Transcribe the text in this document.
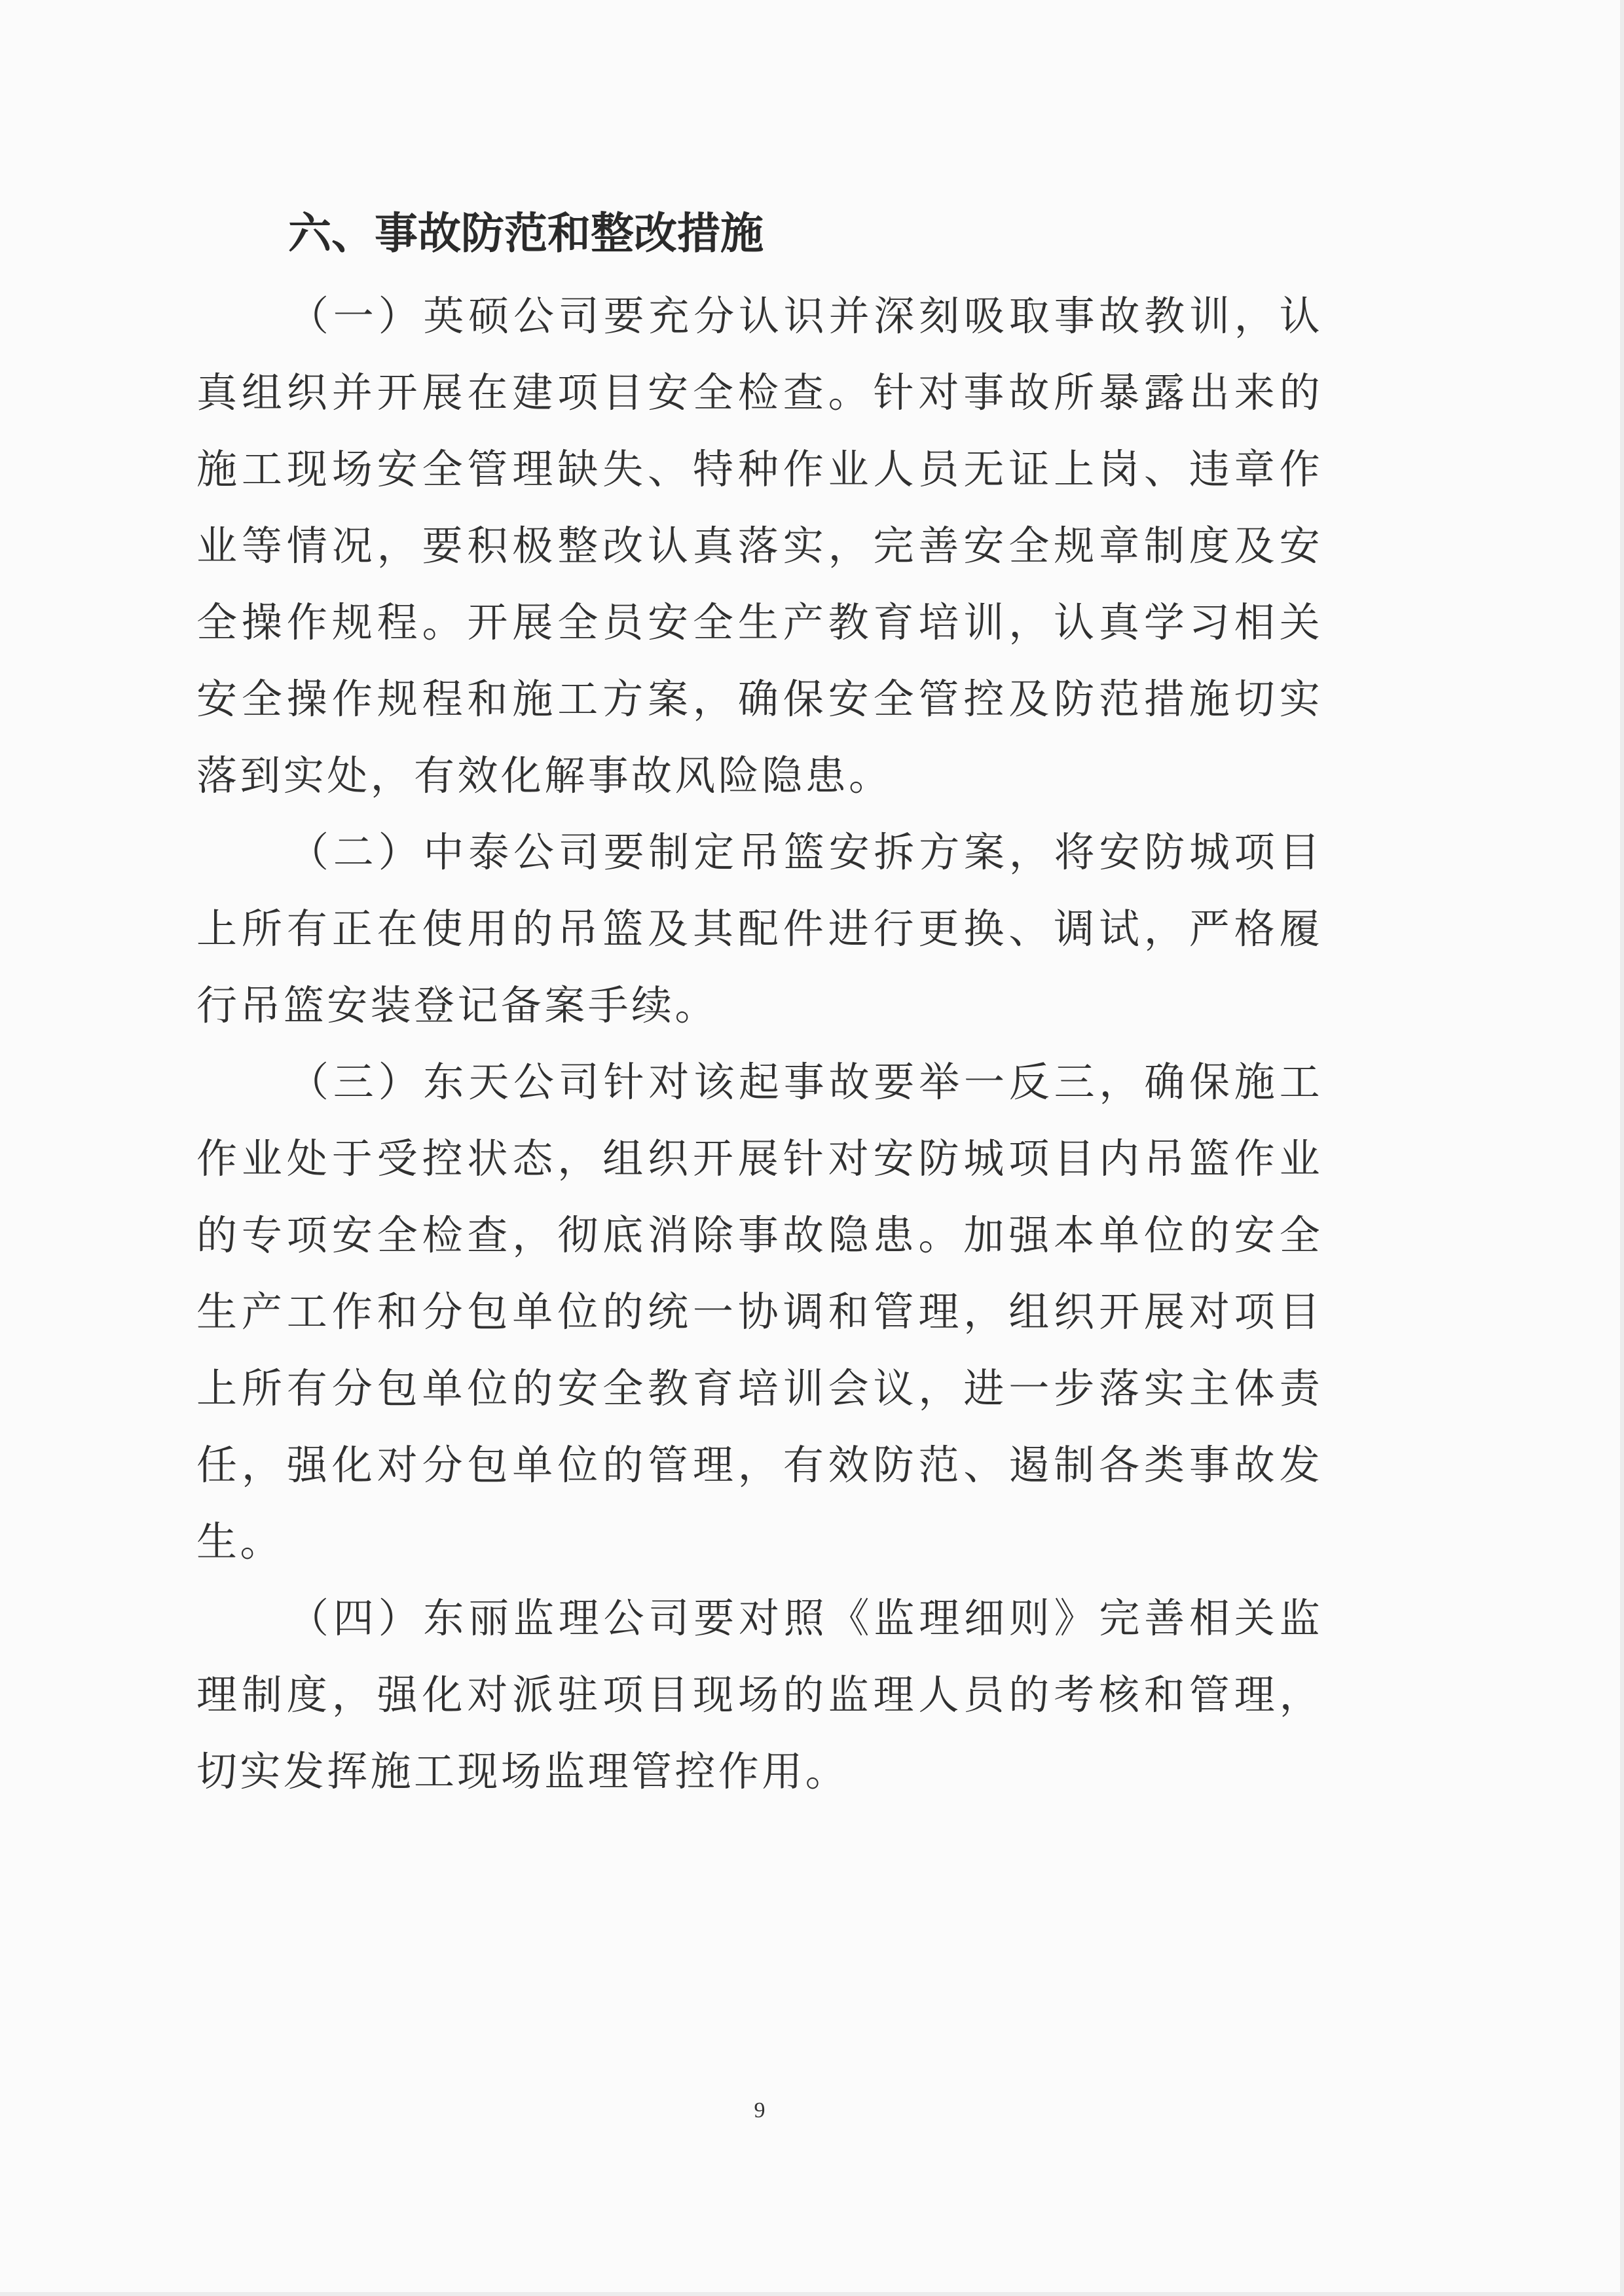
六、事故防范和整改措施

（一）英硕公司要充分认识并深刻吸取事故教训，认真组织并开展在建项目安全检查。针对事故所暴露出来的施工现场安全管理缺失、特种作业人员无证上岗、违章作业等情况，要积极整改认真落实，完善安全规章制度及安全操作规程。开展全员安全生产教育培训，认真学习相关安全操作规程和施工方案，确保安全管控及防范措施切实落到实处，有效化解事故风险隐患。

（二）中泰公司要制定吊篮安拆方案，将安防城项目上所有正在使用的吊篮及其配件进行更换、调试，严格履行吊篮安装登记备案手续。

（三）东天公司针对该起事故要举一反三，确保施工作业处于受控状态，组织开展针对安防城项目内吊篮作业的专项安全检查，彻底消除事故隐患。加强本单位的安全生产工作和分包单位的统一协调和管理，组织开展对项目上所有分包单位的安全教育培训会议，进一步落实主体责任，强化对分包单位的管理，有效防范、遏制各类事故发生。

（四）东丽监理公司要对照《监理细则》完善相关监理制度，强化对派驻项目现场的监理人员的考核和管理，切实发挥施工现场监理管控作用。

9
